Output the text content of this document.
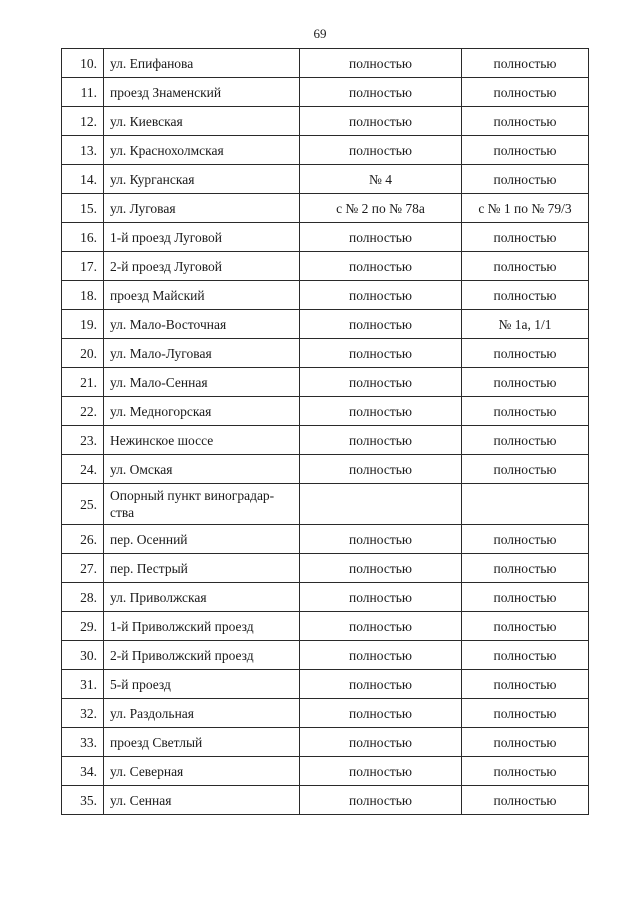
69
10.	ул. Епифанова	полностью	полностью
11.	проезд Знаменский	полностью	полностью
12.	ул. Киевская	полностью	полностью
13.	ул. Краснохолмская	полностью	полностью
14.	ул. Курганская	№ 4	полностью
15.	ул. Луговая	с № 2 по № 78а	с № 1 по № 79/3
16.	1-й проезд Луговой	полностью	полностью
17.	2-й проезд Луговой	полностью	полностью
18.	проезд Майский	полностью	полностью
19.	ул. Мало-Восточная	полностью	№ 1а, 1/1
20.	ул. Мало-Луговая	полностью	полностью
21.	ул. Мало-Сенная	полностью	полностью
22.	ул. Медногорская	полностью	полностью
23.	Нежинское шоссе	полностью	полностью
24.	ул. Омская	полностью	полностью
25.	Опорный пункт виноградар-ства		
26.	пер. Осенний	полностью	полностью
27.	пер. Пестрый	полностью	полностью
28.	ул. Приволжская	полностью	полностью
29.	1-й Приволжский проезд	полностью	полностью
30.	2-й Приволжский проезд	полностью	полностью
31.	5-й проезд	полностью	полностью
32.	ул. Раздольная	полностью	полностью
33.	проезд Светлый	полностью	полностью
34.	ул. Северная	полностью	полностью
35.	ул. Сенная	полностью	полностью
